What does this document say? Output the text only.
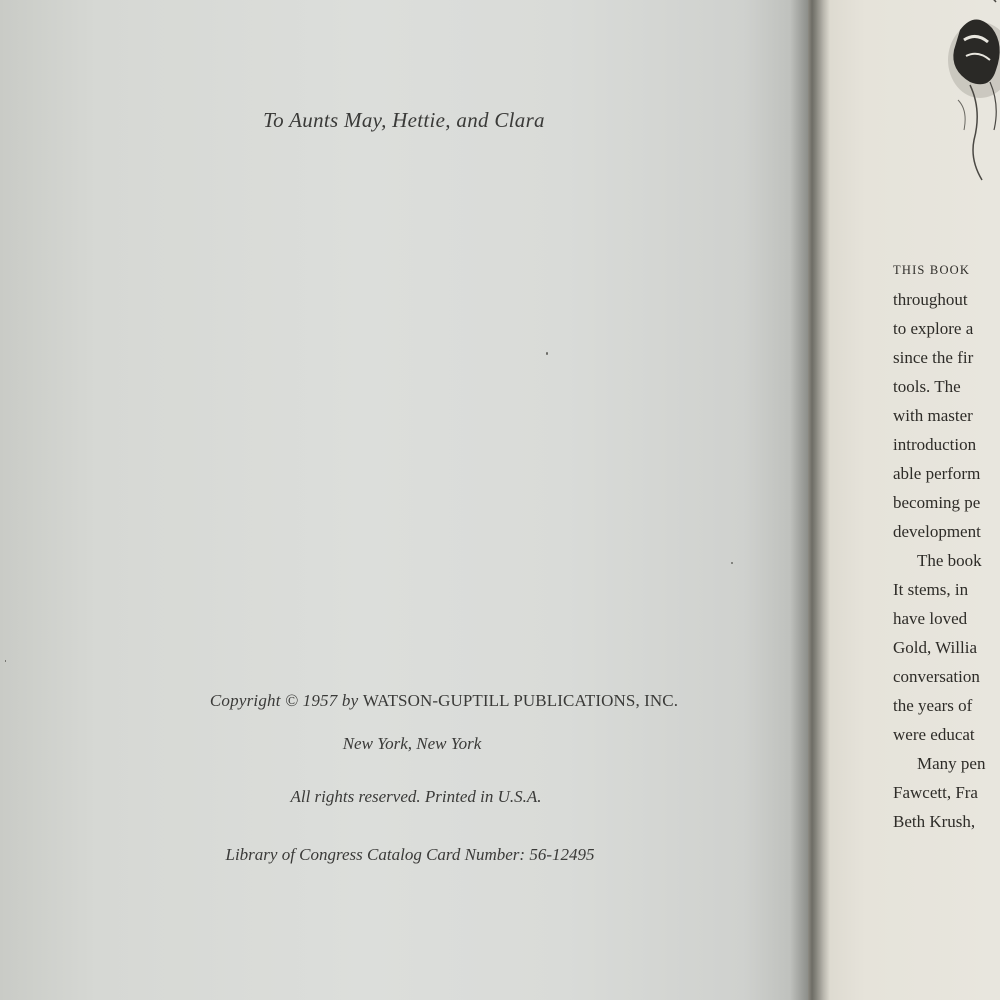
To Aunts May, Hettie, and Clara
Copyright © 1957 by WATSON-GUPTILL PUBLICATIONS, INC.
New York, New York
All rights reserved. Printed in U.S.A.
Library of Congress Catalog Card Number: 56-12495
THIS BOOK
throughout
to explore a
since the fir
tools. The
with master
introduction
able perform
becoming pe
development
The book
It stems, in
have loved
Gold, Willia
conversation
the years of
were educat
Many pen
Fawcett, Fra
Beth Krush,
